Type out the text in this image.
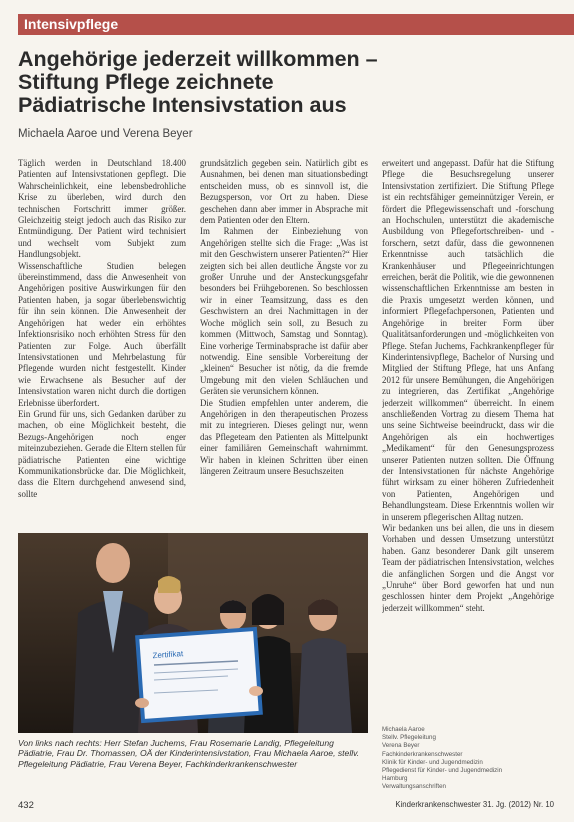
Intensivpflege
Angehörige jederzeit willkommen –
Stiftung Pflege zeichnete
Pädiatrische Intensivstation aus
Michaela Aaroe und Verena Beyer

Täglich werden in Deutschland 18.400 Patienten auf Intensivstationen gepflegt. Die Wahrscheinlichkeit, eine lebensbedrohliche Krise zu überleben, wird durch den technischen Fortschritt immer größer. Gleichzeitig steigt jedoch auch das Risiko zur Entmündigung. Der Patient wird technisiert und wechselt vom Subjekt zum Handlungsobjekt.

Wissenschaftliche Studien belegen übereinstimmend, dass die Anwesenheit von Angehörigen positive Auswirkungen für den Patienten haben, ja sogar überlebenswichtig für ihn sein können. Die Anwesenheit der Angehörigen hat weder ein erhöhtes Infektionsrisiko noch erhöhten Stress für den Patienten zur Folge. Auch überfällt Intensivstationen und Mehrbelastung für Pflegende wurden nicht festgestellt. Kinder wie Erwachsene als Besucher auf der Intensivstation waren nicht durch die dortigen Erlebnisse überfordert.

Ein Grund für uns, sich Gedanken darüber zu machen, ob eine Möglichkeit besteht, die Bezugs-Angehörigen noch enger miteinzubeziehen. Gerade die Eltern stellen für pädiatrische Patienten eine wichtige Kommunikationsbrücke dar. Die Möglichkeit, dass die Eltern durchgehend anwesend sind, sollte

grundsätzlich gegeben sein. Natürlich gibt es Ausnahmen, bei denen man situationsbedingt entscheiden muss, ob es sinnvoll ist, die Bezugsperson, vor Ort zu haben. Diese geschehen dann aber immer in Absprache mit dem Patienten oder den Eltern.

Im Rahmen der Einbeziehung von Angehörigen stellte sich die Frage: „Was ist mit den Geschwistern unserer Patienten?“ Hier zeigten sich bei allen deutliche Ängste vor zu großer Unruhe und der Ansteckungsgefahr besonders bei Frühgeborenen. So beschlossen wir in einer Teamsitzung, dass es den Geschwistern an drei Nachmittagen in der Woche möglich sein soll, zu Besuch zu kommen (Mittwoch, Samstag und Sonntag). Eine vorherige Terminabsprache ist dafür aber notwendig. Eine sensible Vorbereitung der „kleinen“ Besucher ist nötig, da die fremde Umgebung mit den vielen Schläuchen und Geräten sie verunsichern können.

Die Studien empfehlen unter anderem, die Angehörigen in den therapeutischen Prozess mit zu integrieren. Dieses gelingt nur, wenn das Pflegeteam den Patienten als Mittelpunkt einer familiären Gemeinschaft wahrnimmt. Wir haben in kleinen Schritten über einen längeren Zeitraum unsere Besuchszeiten

erweitert und angepasst. Dafür hat die Stiftung Pflege die Besuchsregelung unserer Intensivstation zertifiziert. Die Stiftung Pflege ist ein rechtsfähiger gemeinnütziger Verein, er fördert die Pflegewissenschaft und -forschung an Hochschulen, unterstützt die akademische Ausbildung von Pflegefortschreiben- und -forschern, setzt dafür, dass die gewonnenen Erkenntnisse auch tatsächlich die Krankenhäuser und Pflegeeinrichtungen erreichen, berät die Politik, wie die gewonnenen wissenschaftlichen Erkenntnisse am besten in die Praxis umgesetzt werden können, und informiert Pflegefachpersonen, Patienten und Angehörige in breiter Form über Qualitätsanforderungen und -möglichkeiten von Pflege. Stefan Juchems, Fachkrankenpfleger für Kinderintensivpflege, Bachelor of Nursing und Mitglied der Stiftung Pflege, hat uns Anfang 2012 für unsere Bemühungen, die Angehörigen zu integrieren, das Zertifikat „Angehörige jederzeit willkommen“ überreicht. In einem anschließenden Vortrag zu diesem Thema hat uns seine Sichtweise beeindruckt, dass wir die Angehörigen als ein hochwertiges „Medikament“ für den Genesungsprozess unserer Patienten nutzen sollten. Die Öffnung der Intensivstationen für nächste Angehörige führt wirksam zu einer höheren Zufriedenheit von Patienten, Angehörigen und Behandlungsteam. Diese Erkenntnis wollen wir in unserem pflegerischen Alltag nutzen.

Wir bedanken uns bei allen, die uns in diesem Vorhaben und dessen Umsetzung unterstützt haben. Ganz besonderer Dank gilt unserem Team der pädiatrischen Intensivstation, welches die anfänglichen Sorgen und die Angst vor „Unruhe“ über Bord geworfen hat und nun geschlossen hinter dem Projekt „Angehörige jederzeit willkommen“ steht.

Zertifikat
Von links nach rechts: Herr Stefan Juchems, Frau Rosemarie Landig, Pflegeleitung Pädiatrie, Frau Dr. Thomassen, OÄ der Kinderintensivstation, Frau Michaela Aaroe, stellv. Pflegeleitung Pädiatrie, Frau Verena Beyer, Fachkinderkrankenschwester
Michaela Aaroe
Stellv. Pflegeleitung
Verena Beyer
Fachkinderkrankenschwester
Klinik für Kinder- und Jugendmedizin
Pflegedienst für Kinder- und Jugendmedizin
Hamburg
Verwaltungsanschriften
432	Kinderkrankenschwester 31. Jg. (2012) Nr. 10
